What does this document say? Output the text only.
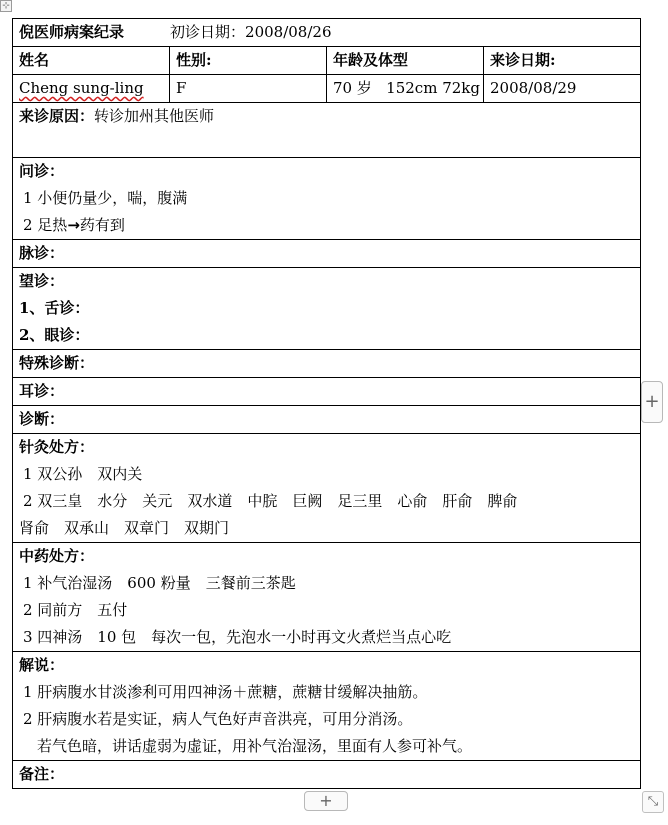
⊹
倪医师病案纪录 初诊日期：2008/08/26			
姓名	性别:	年龄及体型	来诊日期:
Cheng sung-ling	F	70 岁 152cm 72kg	2008/08/29
来诊原因：转诊加州其他医师			

问诊：
1 小便仍量少，喘，腹满
2 足热→药有到			

脉诊：			

望诊：
1、舌诊：
2、眼诊：			

特殊诊断：			

耳诊：			

诊断：			

针灸处方：
1 双公孙　双内关
2 双三皇　水分　关元　双水道　中脘　巨阙　足三里　心俞　肝俞　脾俞
肾俞　双承山　双章门　双期门			

中药处方：
1 补气治湿汤　600 粉量　三餐前三茶匙
2 同前方　五付
3 四神汤　10 包　每次一包，先泡水一小时再文火煮烂当点心吃			

解说：
1 肝病腹水甘淡渗利可用四神汤＋蔗糖，蔗糖甘缓解决抽筋。
2 肝病腹水若是实证，病人气色好声音洪亮，可用分消汤。
若气色暗，讲话虚弱为虚证，用补气治湿汤，里面有人参可补气。			

备注：			
+
+	⤡
